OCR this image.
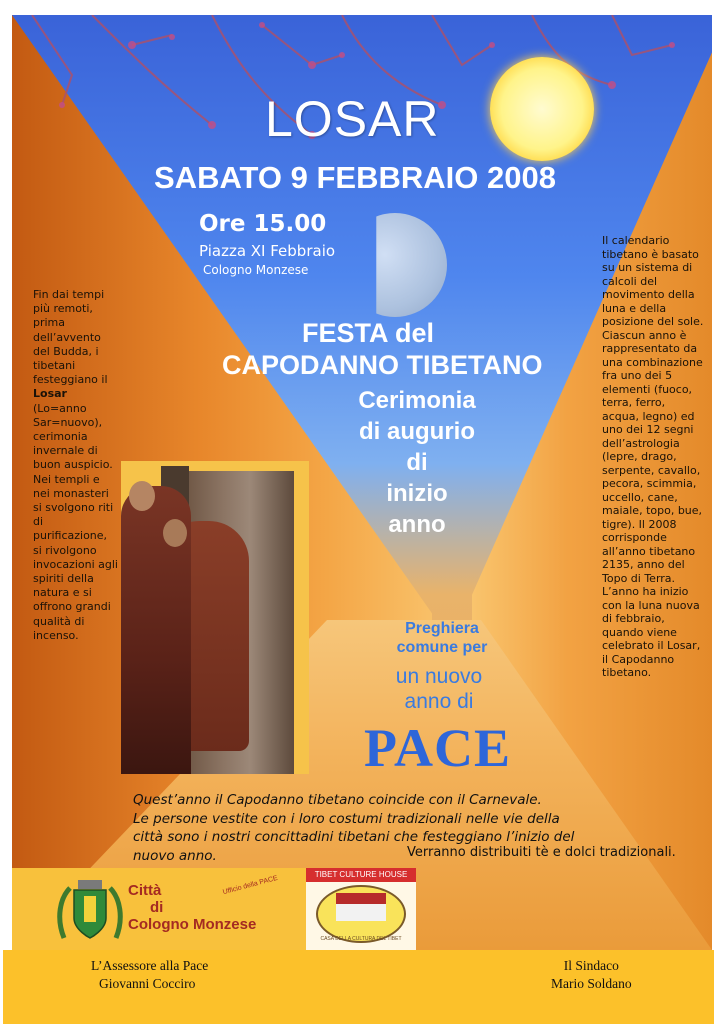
LOSAR
SABATO 9 FEBBRAIO 2008
Ore 15.00
Piazza XI Febbraio
Cologno Monzese
FESTA del
CAPODANNO TIBETANO
Cerimonia
di augurio
di
inizio
anno
Preghiera
comune per
un nuovo
anno di
PACE
Fin dai tempi più remoti, prima dell’avvento del Budda, i tibetani festeggiano il Losar (Lo=anno Sar=nuovo), cerimonia invernale di buon auspicio. Nei templi e nei monasteri si svolgono riti di purificazione, si rivolgono invocazioni agli spiriti della natura e si offrono grandi qualità di incenso.
Il calendario tibetano è basato su un sistema di calcoli del movimento della luna e della posizione del sole. Ciascun anno è rappresentato da una combinazione fra uno dei 5 elementi (fuoco, terra, ferro, acqua, legno) ed uno dei 12 segni dell’astrologia (lepre, drago, serpente, cavallo, pecora, scimmia, uccello, cane, maiale, topo, bue, tigre). Il 2008 corrisponde all’anno tibetano 2135, anno del Topo di Terra. L’anno ha inizio con la luna nuova di febbraio, quando viene celebrato il Losar, il Capodanno tibetano.
Quest’anno il Capodanno tibetano coincide con il Carnevale.
Le persone vestite con i loro costumi tradizionali nelle vie della
città sono i nostri concittadini tibetani che festeggiano l’inizio del
nuovo anno.	Verranno distribuiti tè e dolci tradizionali.
Città
di
Cologno Monzese
Ufficio della PACE
TIBET CULTURE HOUSE
CASA DELLA CULTURA DEL TIBET
L’Assessore alla Pace
Giovanni Cocciro
Il Sindaco
Mario Soldano
